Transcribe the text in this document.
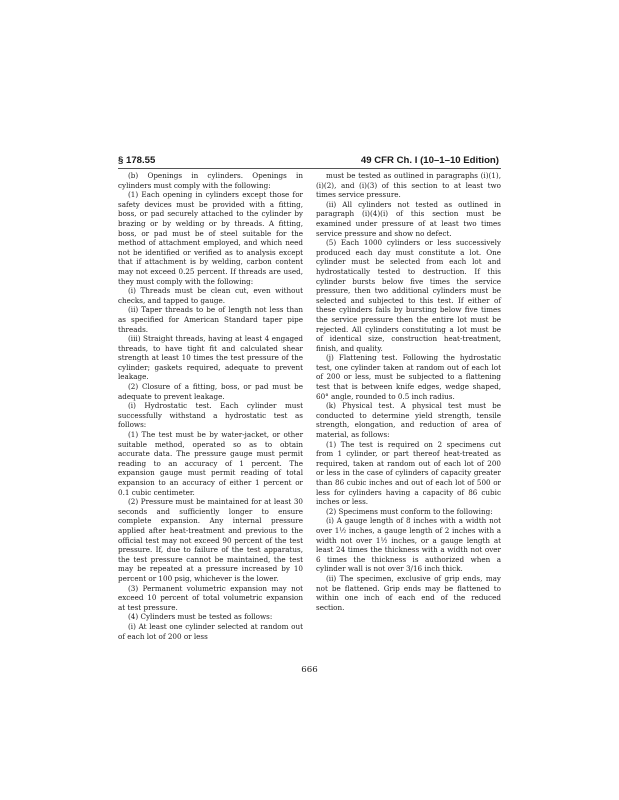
§ 178.55	49 CFR Ch. I (10–1–10 Edition)

(b) Openings in cylinders. Openings in cylinders must comply with the following:

(1) Each opening in cylinders except those for safety devices must be provided with a fitting, boss, or pad securely attached to the cylinder by brazing or by welding or by threads. A fitting, boss, or pad must be of steel suitable for the method of attachment employed, and which need not be identified or verified as to analysis except that if attachment is by welding, carbon content may not exceed 0.25 percent. If threads are used, they must comply with the following:

(i) Threads must be clean cut, even without checks, and tapped to gauge.

(ii) Taper threads to be of length not less than as specified for American Standard taper pipe threads.

(iii) Straight threads, having at least 4 engaged threads, to have tight fit and calculated shear strength at least 10 times the test pressure of the cylinder; gaskets required, adequate to prevent leakage.

(2) Closure of a fitting, boss, or pad must be adequate to prevent leakage.

(i) Hydrostatic test. Each cylinder must successfully withstand a hydrostatic test as follows:

(1) The test must be by water-jacket, or other suitable method, operated so as to obtain accurate data. The pressure gauge must permit reading to an accuracy of 1 percent. The expansion gauge must permit reading of total expansion to an accuracy of either 1 percent or 0.1 cubic centimeter.

(2) Pressure must be maintained for at least 30 seconds and sufficiently longer to ensure complete expansion. Any internal pressure applied after heat-treatment and previous to the official test may not exceed 90 percent of the test pressure. If, due to failure of the test apparatus, the test pressure cannot be maintained, the test may be repeated at a pressure increased by 10 percent or 100 psig, whichever is the lower.

(3) Permanent volumetric expansion may not exceed 10 percent of total volumetric expansion at test pressure.

(4) Cylinders must be tested as follows:

(i) At least one cylinder selected at random out of each lot of 200 or less

must be tested as outlined in paragraphs (i)(1), (i)(2), and (i)(3) of this section to at least two times service pressure.

(ii) All cylinders not tested as outlined in paragraph (i)(4)(i) of this section must be examined under pressure of at least two times service pressure and show no defect.

(5) Each 1000 cylinders or less successively produced each day must constitute a lot. One cylinder must be selected from each lot and hydrostatically tested to destruction. If this cylinder bursts below five times the service pressure, then two additional cylinders must be selected and subjected to this test. If either of these cylinders fails by bursting below five times the service pressure then the entire lot must be rejected. All cylinders constituting a lot must be of identical size, construction heat-treatment, finish, and quality.

(j) Flattening test. Following the hydrostatic test, one cylinder taken at random out of each lot of 200 or less, must be subjected to a flattening test that is between knife edges, wedge shaped, 60° angle, rounded to 0.5 inch radius.

(k) Physical test. A physical test must be conducted to determine yield strength, tensile strength, elongation, and reduction of area of material, as follows:

(1) The test is required on 2 specimens cut from 1 cylinder, or part thereof heat-treated as required, taken at random out of each lot of 200 or less in the case of cylinders of capacity greater than 86 cubic inches and out of each lot of 500 or less for cylinders having a capacity of 86 cubic inches or less.

(2) Specimens must conform to the following:

(i) A gauge length of 8 inches with a width not over 1½ inches, a gauge length of 2 inches with a width not over 1½ inches, or a gauge length at least 24 times the thickness with a width not over 6 times the thickness is authorized when a cylinder wall is not over 3/16 inch thick.

(ii) The specimen, exclusive of grip ends, may not be flattened. Grip ends may be flattened to within one inch of each end of the reduced section.

666
